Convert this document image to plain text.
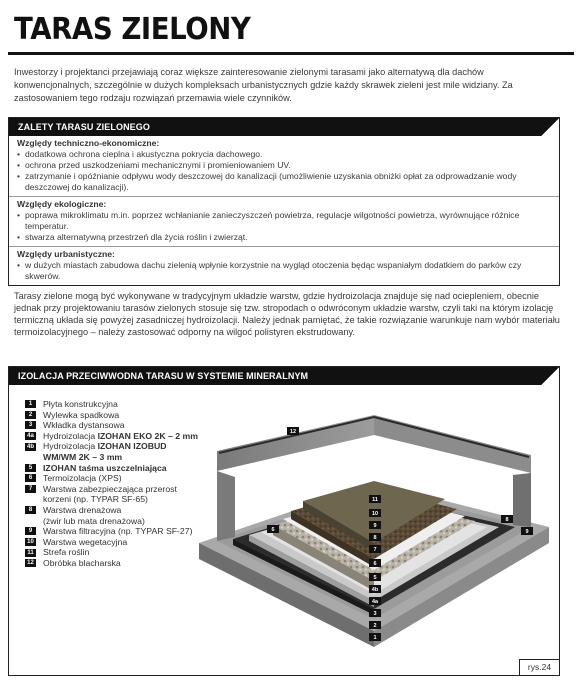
TARAS ZIELONY

Inwestorzy i projektanci przejawiają coraz większe zainteresowanie zielonymi tarasami jako alternatywą dla dachów konwencjonalnych, szczególnie w dużych kompleksach urbanistycznych gdzie każdy skrawek zieleni jest mile widziany. Za zastosowaniem tego rodzaju rozwiązań przemawia wiele czynników.

ZALETY TARASU ZIELONEGO
Względy techniczno-ekonomiczne:
• dodatkowa ochrona cieplna i akustyczna pokrycia dachowego.
• ochrona przed uszkodzeniami mechanicznymi i promieniowaniem UV.
• zatrzymanie i opóźnianie odpływu wody deszczowej do kanalizacji (umożliwienie uzyskania obniżki opłat za odprowadzanie wody deszczowej do kanalizacji).
Względy ekologiczne:
• poprawa mikroklimatu m.in. poprzez wchłanianie zanieczyszczeń powietrza, regulacje wilgotności powietrza, wyrównujące różnice temperatur.
• stwarza alternatywną przestrzeń dla życia roślin i zwierząt.
Względy urbanistyczne:
• w dużych miastach zabudowa dachu zielenią wpłynie korzystnie na wygląd otoczenia będąc wspaniałym dodatkiem do parków czy skwerów.

Tarasy zielone mogą być wykonywane w tradycyjnym układzie warstw, gdzie hydroizolacja znajduje się nad ociepleniem, obecnie jednak przy projektowaniu tarasów zielonych stosuje się tzw. stropodach o odwróconym układzie warstw, czyli taki na którym izolację termiczną układa się powyżej zasadniczej hydroizolacji. Należy jednak pamiętać, że takie rozwiązanie warunkuje nam wybór materiału termoizolacyjnego – należy zastosować odporny na wilgoć polistyren ekstrudowany.

IZOLACJA PRZECIWWODNA TARASU W SYSTEMIE MINERALNYM
1	Płyta konstrukcyjna
2	Wylewka spadkowa
3	Wkładka dystansowa
4a Hydroizolacja IZOHAN EKO 2K – 2 mm
4b Hydroizolacja IZOHAN IZOBUD
WM/WM 2K – 3 mm
5	IZOHAN taśma uszczelniająca
6	Termoizolacja (XPS)
7	Warstwa zabezpieczająca przerost
korzeni (np. TYPAR SF-65)
8	Warstwa drenażowa
(żwir lub mata drenażowa)
9	Warstwa filtracyjna (np. TYPAR SF-27)
10 Warstwa wegetacyjna
11 Strefa roślin
12 Obróbka blacharska
12
11
10
9
8
7
6
5
4b
4a
3
2
1
6
8
9
rys.24
